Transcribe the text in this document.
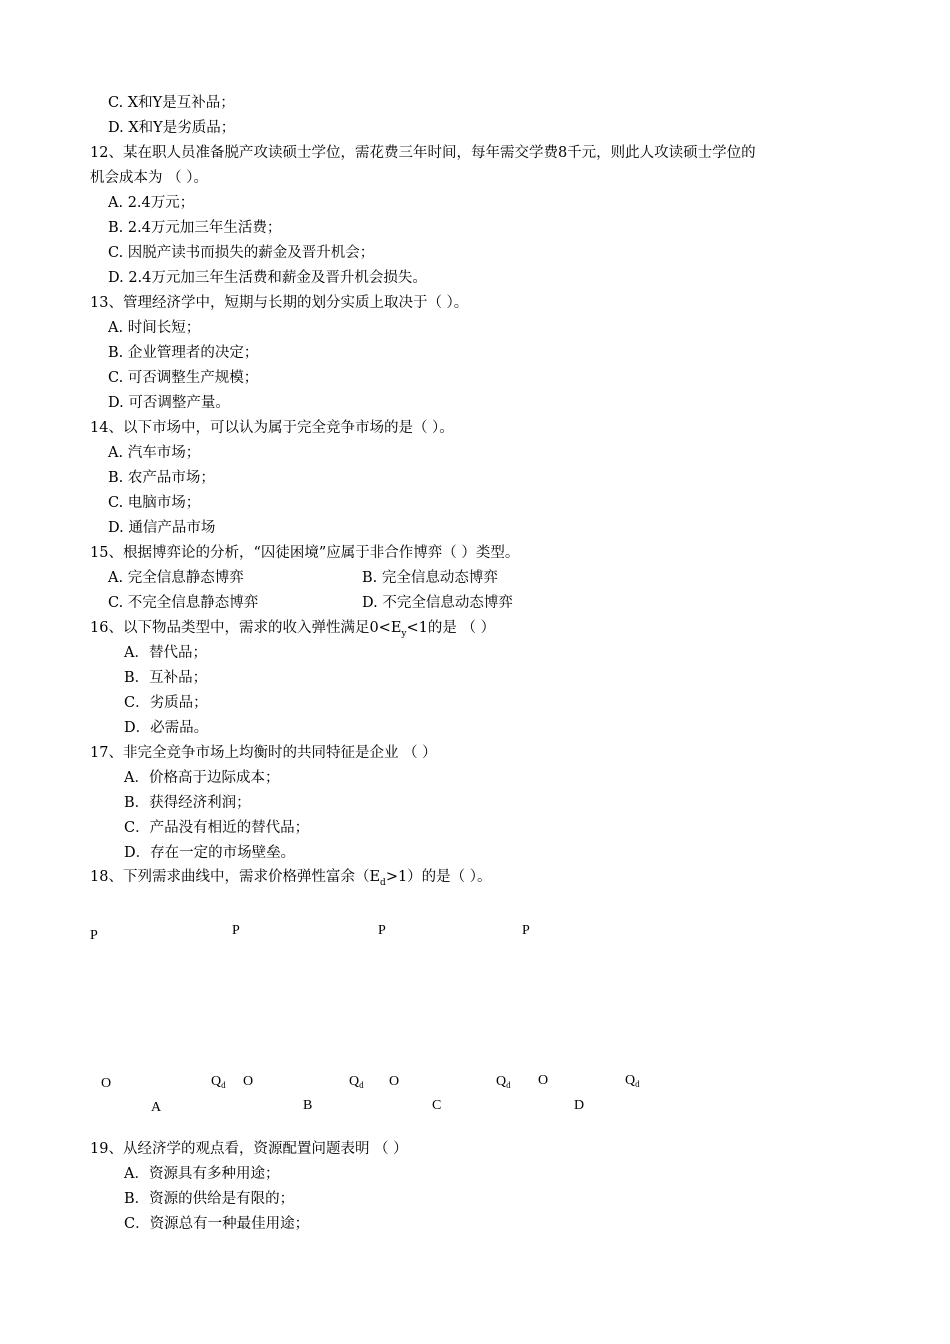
C. X和Y是互补品；
D. X和Y是劣质品；
12、某在职人员准备脱产攻读硕士学位，需花费三年时间，每年需交学费8千元，则此人攻读硕士学位的
机会成本为 （ ）。
A. 2.4万元；
B. 2.4万元加三年生活费；
C. 因脱产读书而损失的薪金及晋升机会；
D. 2.4万元加三年生活费和薪金及晋升机会损失。
13、管理经济学中，短期与长期的划分实质上取决于（ ）。
A. 时间长短；
B. 企业管理者的决定；
C. 可否调整生产规模；
D. 可否调整产量。
14、以下市场中，可以认为属于完全竞争市场的是（ ）。
A. 汽车市场；
B. 农产品市场；
C. 电脑市场；
D. 通信产品市场
15、根据博弈论的分析，“囚徒困境”应属于非合作博弈（ ）类型。
A. 完全信息静态博弈	B. 完全信息动态博弈
C. 不完全信息静态博弈	D. 不完全信息动态博弈
16、以下物品类型中，需求的收入弹性满足$0<E_y<1$的是 （ ）
A．替代品；
B．互补品；
C．劣质品；
D．必需品。
17、非完全竞争市场上均衡时的共同特征是企业 （ ）
A．价格高于边际成本；
B．获得经济利润；
C．产品没有相近的替代品；
D．存在一定的市场壁垒。
18、下列需求曲线中，需求价格弹性富余$(E_d>1)$的是（ ）。
P	P	P	P
O	$Q_d$ O	$Q_d$ O	$Q_d$ O	$Q_d$
A	B	C	D
19、从经济学的观点看，资源配置问题表明 （ ）
A．资源具有多种用途；
B．资源的供给是有限的；
C．资源总有一种最佳用途；
